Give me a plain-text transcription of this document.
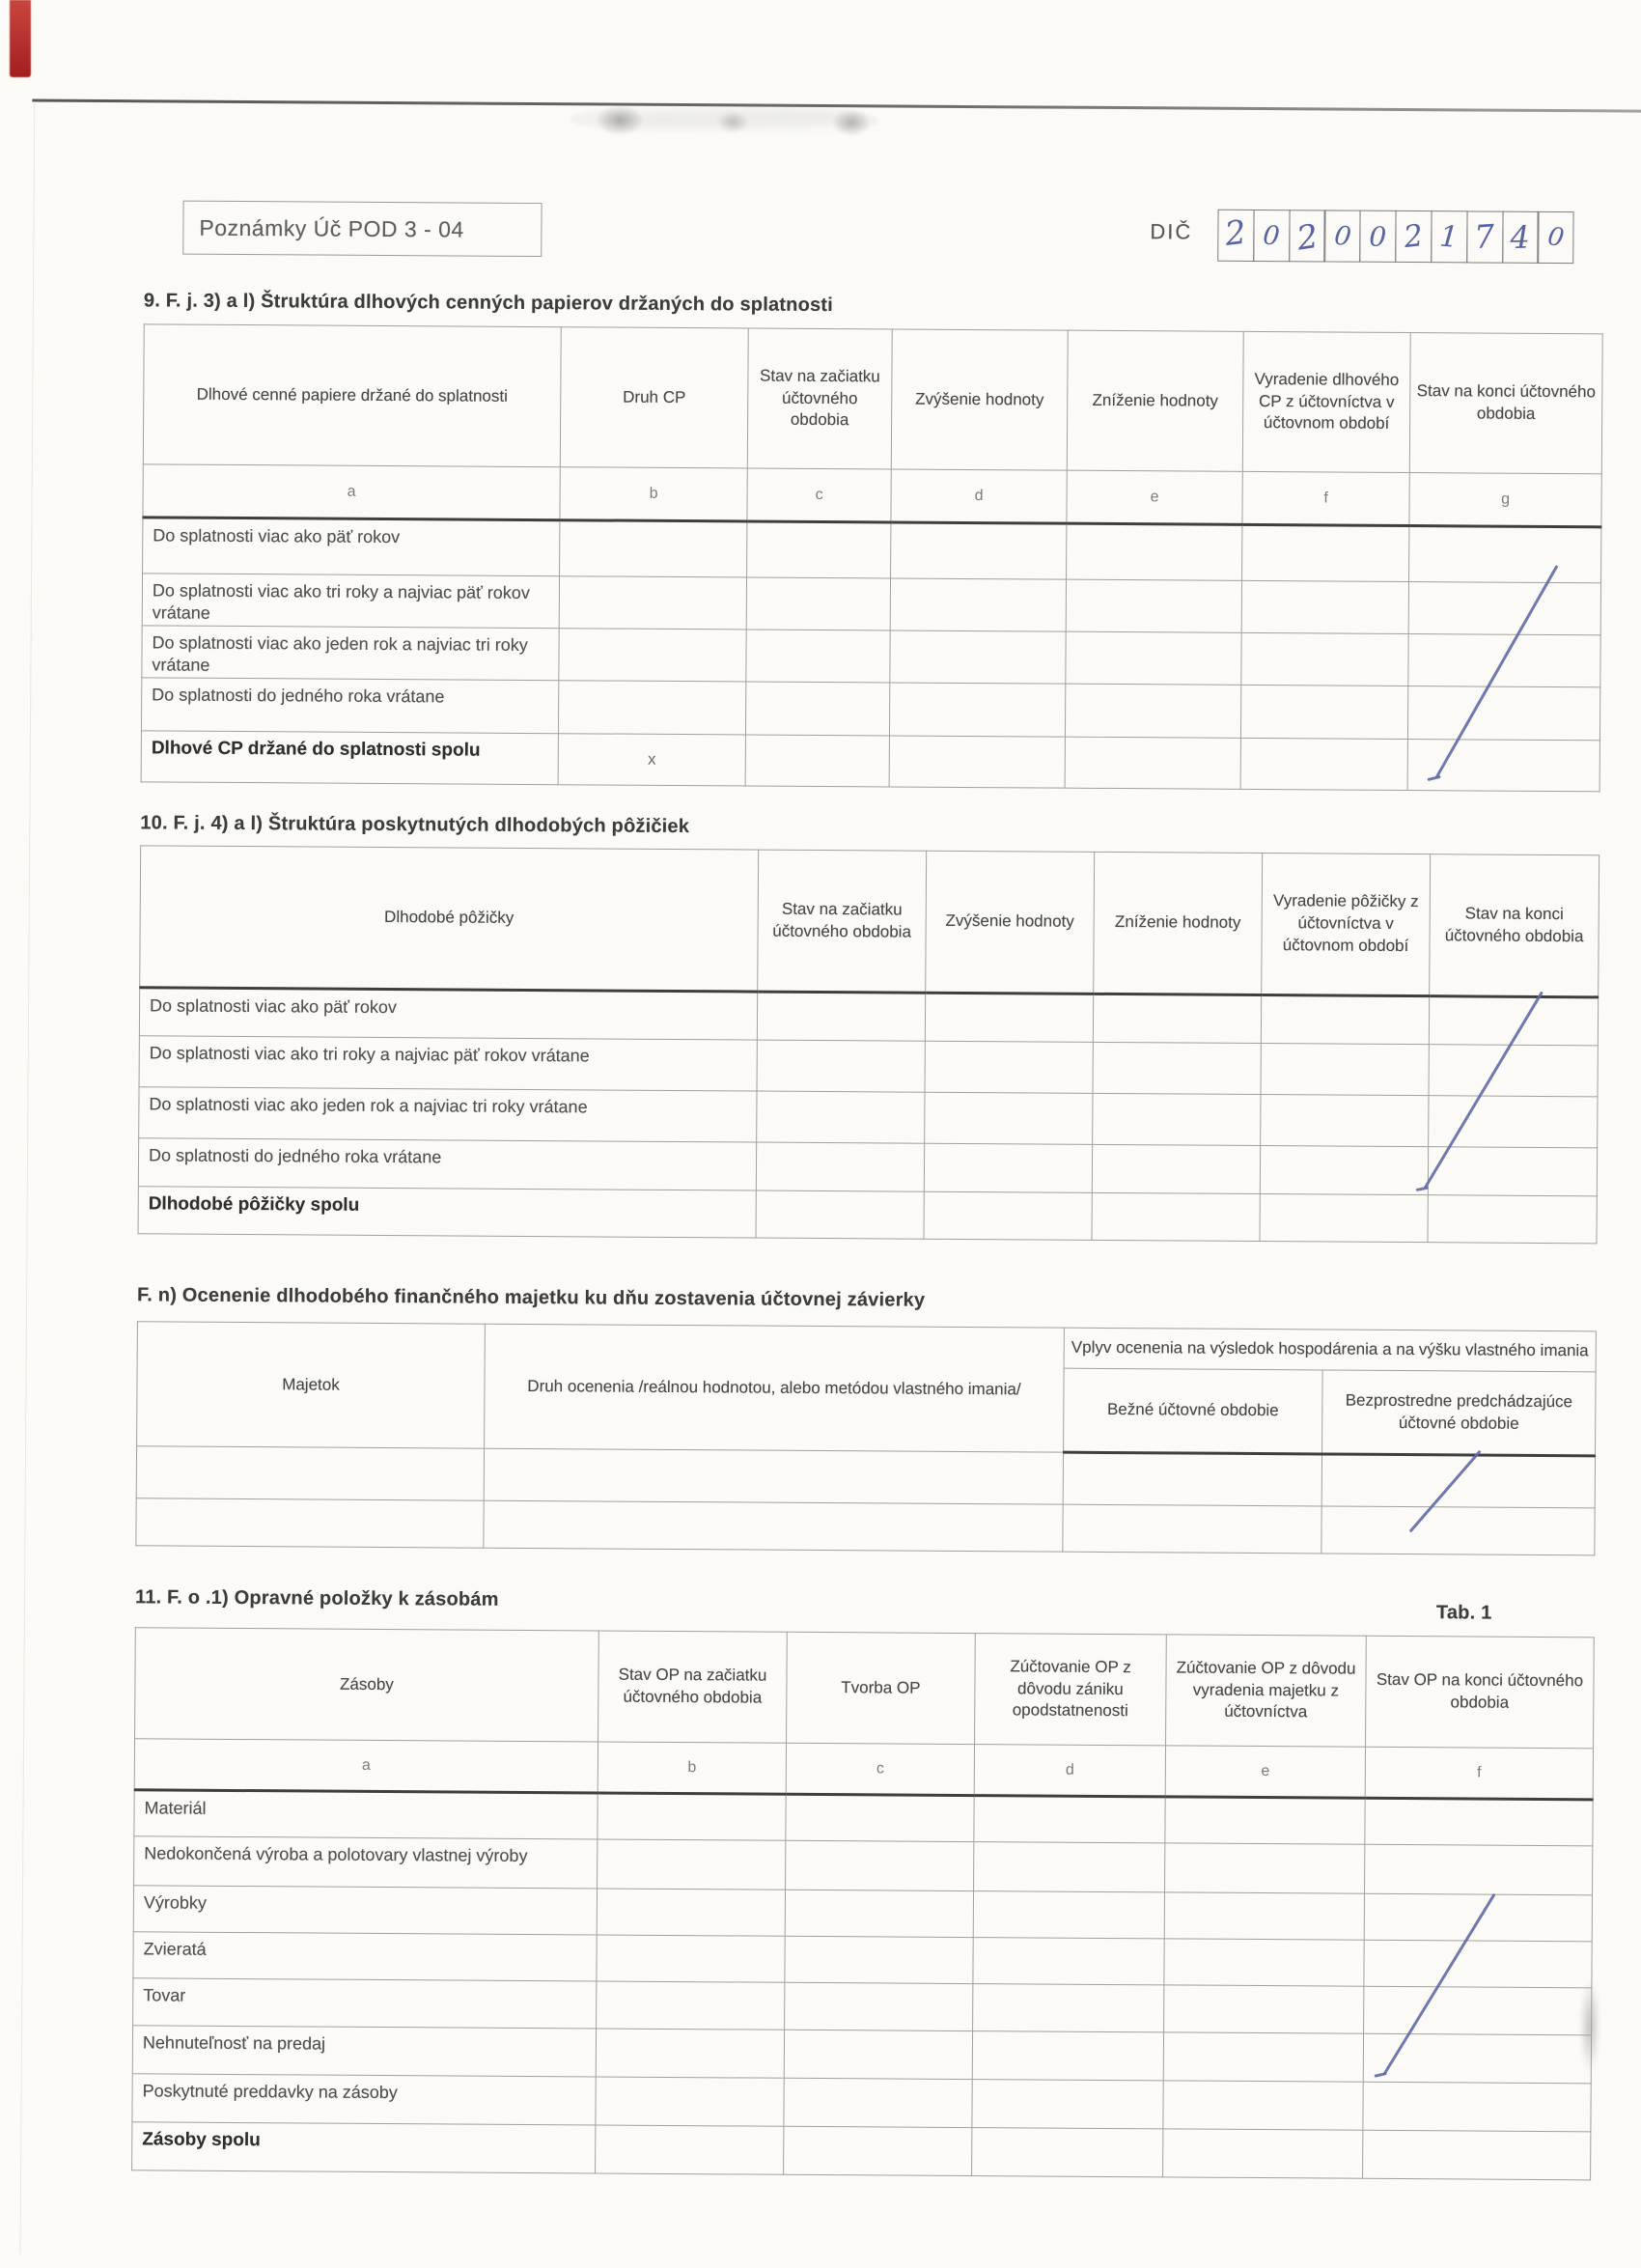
Poznámky Úč POD 3 - 04	DIČ 2 0 2 0 0 2 1 7 4 0
9. F. j. 3) a l) Štruktúra dlhových cenných papierov držaných do splatnosti
Dlhové cenné papiere držané do splatnosti	Druh CP	Stav na začiatku účtovného obdobia	Zvýšenie hodnoty	Zníženie hodnoty	Vyradenie dlhového CP z účtovníctva v účtovnom období	Stav na konci účtovného obdobia
a	b	c	d	e	f	g
Do splatnosti viac ako päť rokov						
Do splatnosti viac ako tri roky a najviac päť rokov vrátane						
Do splatnosti viac ako jeden rok a najviac tri roky vrátane						
Do splatnosti do jedného roka vrátane						
Dlhové CP držané do splatnosti spolu	x					
10. F. j. 4) a l) Štruktúra poskytnutých dlhodobých pôžičiek
Dlhodobé pôžičky	Stav na začiatku účtovného obdobia	Zvýšenie hodnoty	Zníženie hodnoty	Vyradenie pôžičky z účtovníctva v účtovnom období	Stav na konci účtovného obdobia
Do splatnosti viac ako päť rokov					
Do splatnosti viac ako tri roky a najviac päť rokov vrátane					
Do splatnosti viac ako jeden rok a najviac tri roky vrátane					
Do splatnosti do jedného roka vrátane					
Dlhodobé pôžičky spolu					
F. n) Ocenenie dlhodobého finančného majetku ku dňu zostavenia účtovnej závierky
Majetok	Druh ocenenia /reálnou hodnotou, alebo metódou vlastného imania/	Vplyv ocenenia na výsledok hospodárenia a na výšku vlastného imania	
		Bežné účtovné obdobie	Bezprostredne predchádzajúce účtovné obdobie

11. F. o .1) Opravné položky k zásobám
Tab. 1
Zásoby	Stav OP na začiatku účtovného obdobia	Tvorba OP	Zúčtovanie OP z dôvodu zániku opodstatnenosti	Zúčtovanie OP z dôvodu vyradenia majetku z účtovníctva	Stav OP na konci účtovného obdobia
a	b	c	d	e	f
Materiál					
Nedokončená výroba a polotovary vlastnej výroby					
Výrobky					
Zvieratá					
Tovar					
Nehnuteľnosť na predaj					
Poskytnuté preddavky na zásoby					
Zásoby spolu					
